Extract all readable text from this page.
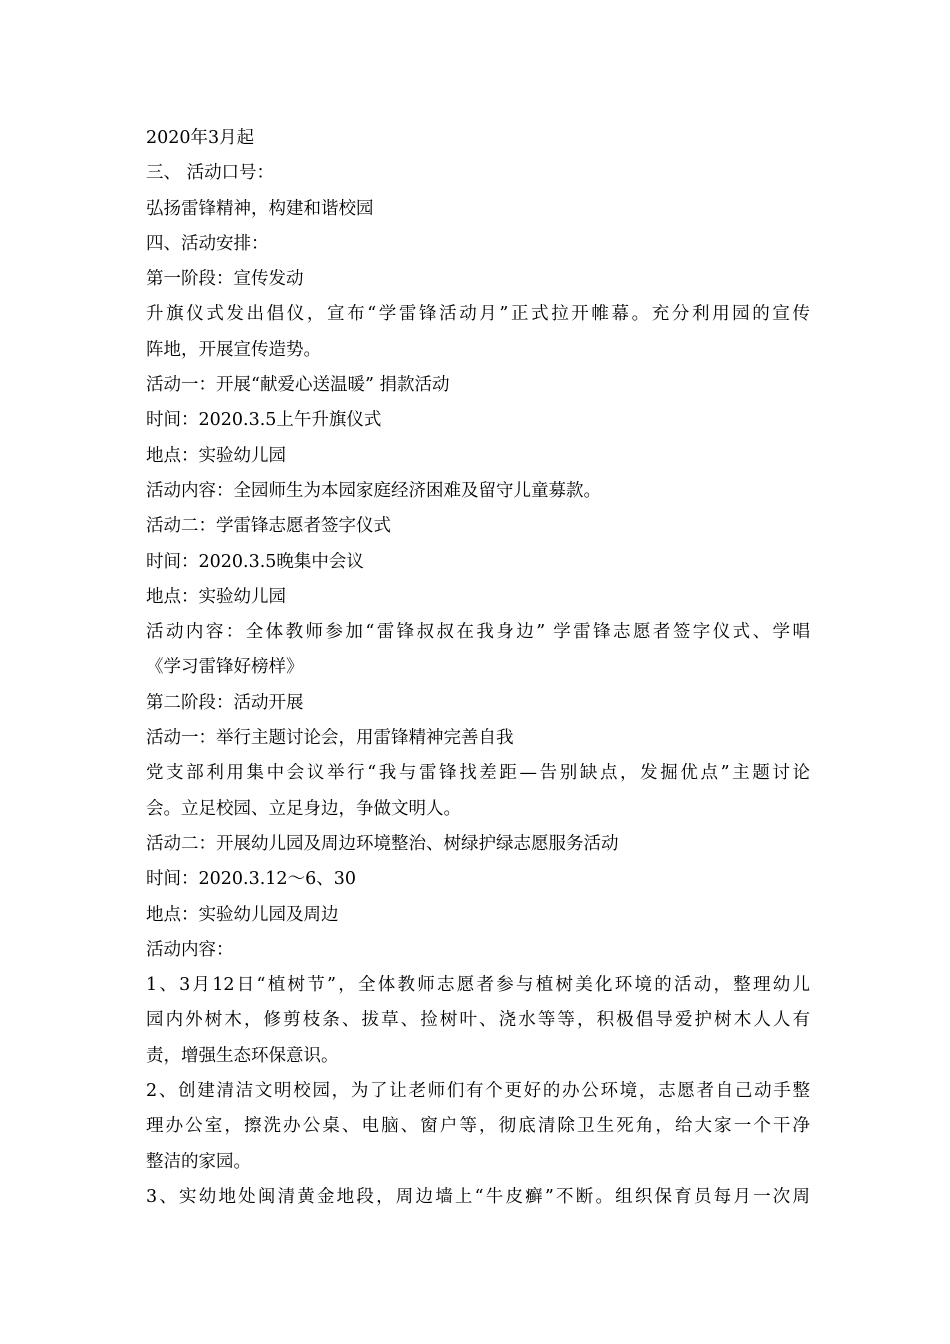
2020年3月起
三、 活动口号：
弘扬雷锋精神，构建和谐校园
四、活动安排：
第一阶段：宣传发动
升旗仪式发出倡仪，宣布“学雷锋活动月”正式拉开帷幕。充分利用园的宣传
阵地，开展宣传造势。
活动一：开展“献爱心送温暖” 捐款活动
时间：2020.3.5上午升旗仪式
地点：实验幼儿园
活动内容：全园师生为本园家庭经济困难及留守儿童募款。
活动二：学雷锋志愿者签字仪式
时间：2020.3.5晚集中会议
地点：实验幼儿园
活动内容：全体教师参加“雷锋叔叔在我身边” 学雷锋志愿者签字仪式、学唱
《学习雷锋好榜样》
第二阶段：活动开展
活动一：举行主题讨论会，用雷锋精神完善自我
党支部利用集中会议举行“我与雷锋找差距—告别缺点，发掘优点”主题讨论
会。立足校园、立足身边，争做文明人。
活动二：开展幼儿园及周边环境整治、树绿护绿志愿服务活动
时间：2020.3.12～6、30
地点：实验幼儿园及周边
活动内容：
1、3月12日“植树节”，全体教师志愿者参与植树美化环境的活动，整理幼儿
园内外树木，修剪枝条、拔草、捡树叶、浇水等等，积极倡导爱护树木人人有
责，增强生态环保意识。
2、创建清洁文明校园，为了让老师们有个更好的办公环境，志愿者自己动手整
理办公室，擦洗办公桌、电脑、窗户等，彻底清除卫生死角，给大家一个干净
整洁的家园。
3、实幼地处闽清黄金地段，周边墙上“牛皮癣”不断。组织保育员每月一次周
